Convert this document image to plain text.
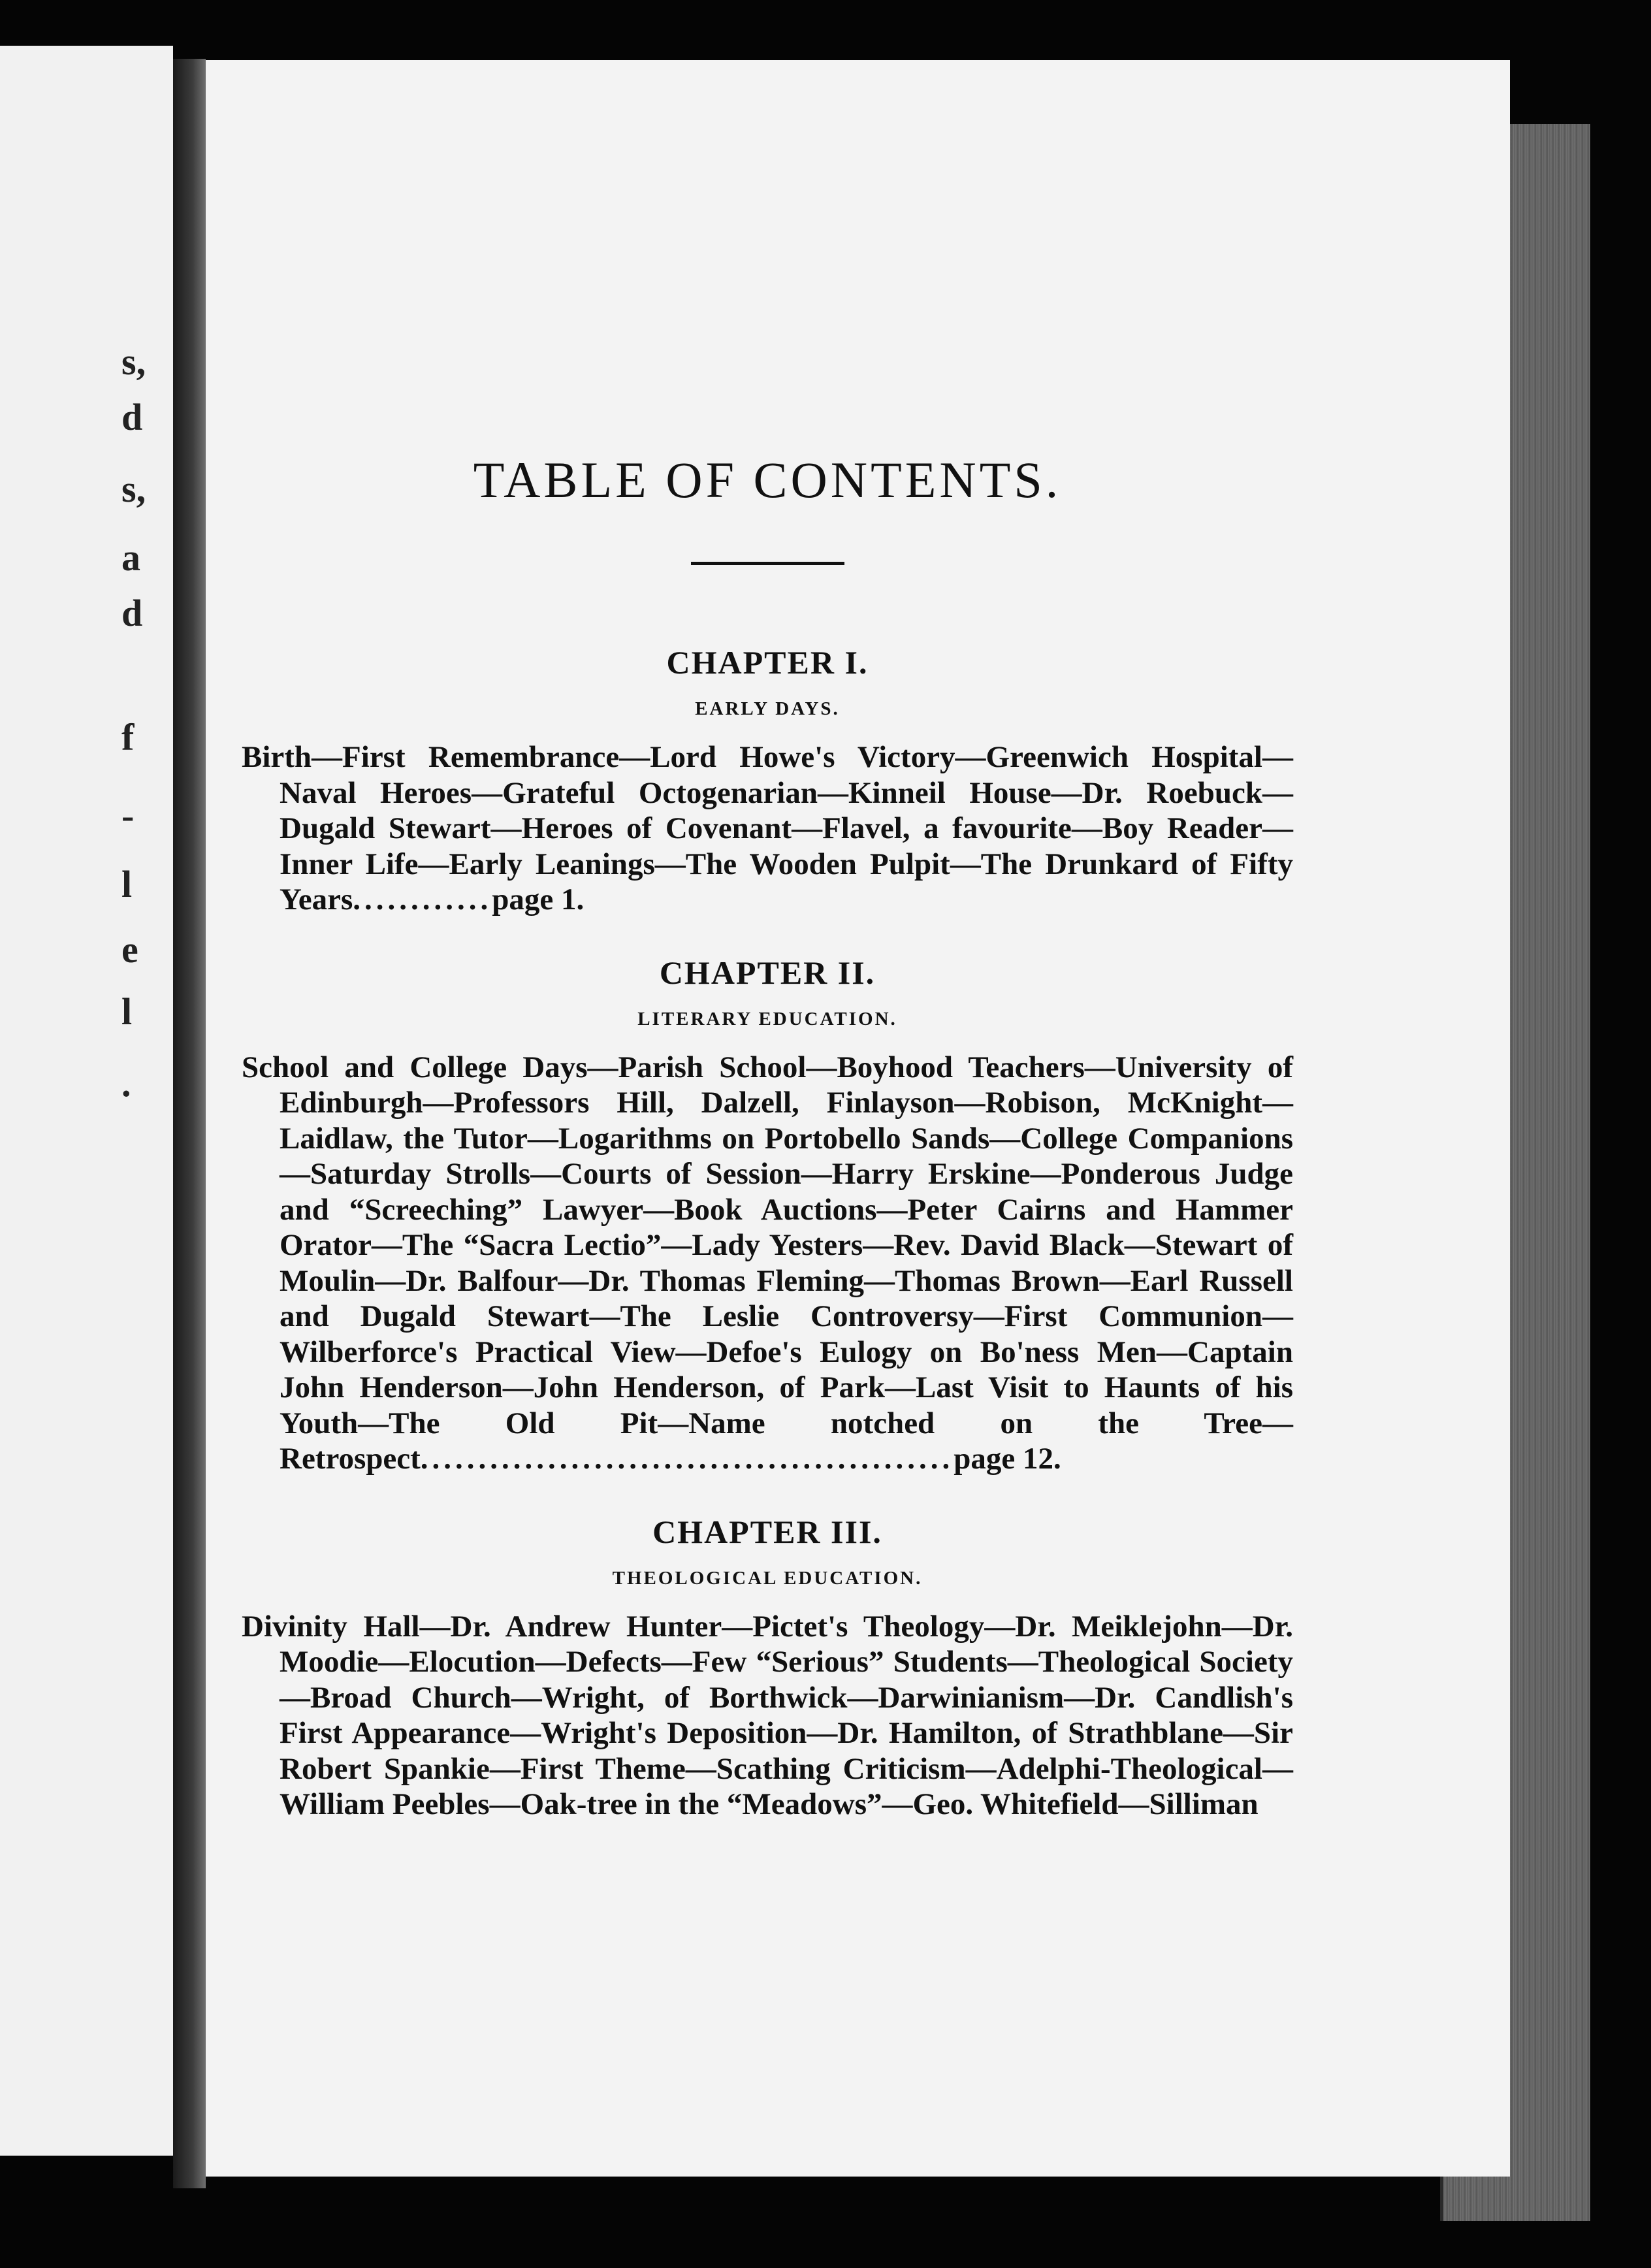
s,
d
s,
a
d
f
-
l
e
l
.
TABLE OF CONTENTS.
CHAPTER I.
EARLY DAYS.

Birth—First Remembrance—Lord Howe's Victory—Greenwich Hospital—Naval Heroes—Grateful Octogenarian—Kinneil House—Dr. Roebuck—Dugald Stewart—Heroes of Covenant—Flavel, a favourite—Boy Reader—Inner Life—Early Leanings—The Wooden Pulpit—The Drunkard of Fifty Years............page 1.

CHAPTER II.
LITERARY EDUCATION.

School and College Days—Parish School—Boyhood Teachers—University of Edinburgh—Professors Hill, Dalzell, Finlayson—Robison, McKnight—Laidlaw, the Tutor—Logarithms on Portobello Sands—College Companions—Saturday Strolls—Courts of Session—Harry Erskine—Ponderous Judge and “Screeching” Lawyer—Book Auctions—Peter Cairns and Hammer Orator—The “Sacra Lectio”—Lady Yesters—Rev. David Black—Stewart of Moulin—Dr. Balfour—Dr. Thomas Fleming—Thomas Brown—Earl Russell and Dugald Stewart—The Leslie Controversy—First Communion—Wilberforce's Practical View—Defoe's Eulogy on Bo'ness Men—Captain John Henderson—John Henderson, of Park—Last Visit to Haunts of his Youth—The Old Pit—Name notched on the Tree—Retrospect..............................................page 12.

CHAPTER III.
THEOLOGICAL EDUCATION.

Divinity Hall—Dr. Andrew Hunter—Pictet's Theology—Dr. Meiklejohn—Dr. Moodie—Elocution—Defects—Few “Serious” Students—Theological Society—Broad Church—Wright, of Borthwick—Darwinianism—Dr. Candlish's First Appearance—Wright's Deposition—Dr. Hamilton, of Strathblane—Sir Robert Spankie—First Theme—Scathing Criticism—Adelphi-Theological—William Peebles—Oak-tree in the “Meadows”—Geo. Whitefield—Silliman
